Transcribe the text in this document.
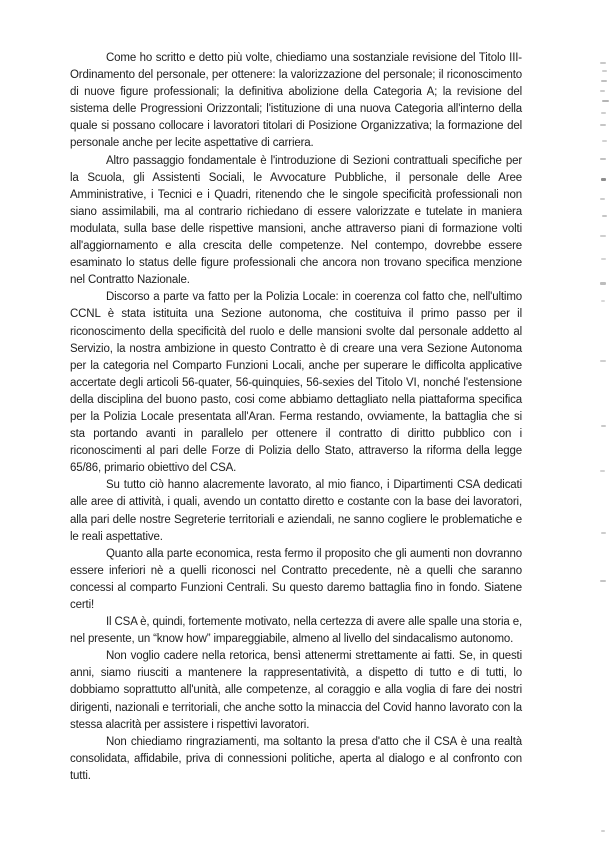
Come ho scritto e detto più volte, chiediamo una sostanziale revisione del Titolo III-Ordinamento del personale, per ottenere: la valorizzazione del personale; il riconoscimento di nuove figure professionali; la definitiva abolizione della Categoria A; la revisione del sistema delle Progressioni Orizzontali; l'istituzione di una nuova Categoria all'interno della quale si possano collocare i lavoratori titolari di Posizione Organizzativa; la formazione del personale anche per lecite aspettative di carriera.

Altro passaggio fondamentale è l'introduzione di Sezioni contrattuali specifiche per la Scuola, gli Assistenti Sociali, le Avvocature Pubbliche, il personale delle Aree Amministrative, i Tecnici e i Quadri, ritenendo che le singole specificità professionali non siano assimilabili, ma al contrario richiedano di essere valorizzate e tutelate in maniera modulata, sulla base delle rispettive mansioni, anche attraverso piani di formazione volti all'aggiornamento e alla crescita delle competenze. Nel contempo, dovrebbe essere esaminato lo status delle figure professionali che ancora non trovano specifica menzione nel Contratto Nazionale.

Discorso a parte va fatto per la Polizia Locale: in coerenza col fatto che, nell'ultimo CCNL è stata istituita una Sezione autonoma, che costituiva il primo passo per il riconoscimento della specificità del ruolo e delle mansioni svolte dal personale addetto al Servizio, la nostra ambizione in questo Contratto è di creare una vera Sezione Autonoma per la categoria nel Comparto Funzioni Locali, anche per superare le difficolta applicative accertate degli articoli 56-quater, 56-quinquies, 56-sexies del Titolo VI, nonché l'estensione della disciplina del buono pasto, cosi come abbiamo dettagliato nella piattaforma specifica per la Polizia Locale presentata all'Aran. Ferma restando, ovviamente, la battaglia che si sta portando avanti in parallelo per ottenere il contratto di diritto pubblico con i riconoscimenti al pari delle Forze di Polizia dello Stato, attraverso la riforma della legge 65/86, primario obiettivo del CSA.

Su tutto ciò hanno alacremente lavorato, al mio fianco, i Dipartimenti CSA dedicati alle aree di attività, i quali, avendo un contatto diretto e costante con la base dei lavoratori, alla pari delle nostre Segreterie territoriali e aziendali, ne sanno cogliere le problematiche e le reali aspettative.

Quanto alla parte economica, resta fermo il proposito che gli aumenti non dovranno essere inferiori nè a quelli riconosci nel Contratto precedente, nè a quelli che saranno concessi al comparto Funzioni Centrali. Su questo daremo battaglia fino in fondo. Siatene certi!

Il CSA è, quindi, fortemente motivato, nella certezza di avere alle spalle una storia e, nel presente, un “know how” impareggiabile, almeno al livello del sindacalismo autonomo.

Non voglio cadere nella retorica, bensì attenermi strettamente ai fatti. Se, in questi anni, siamo riusciti a mantenere la rappresentatività, a dispetto di tutto e di tutti, lo dobbiamo soprattutto all'unità, alle competenze, al coraggio e alla voglia di fare dei nostri dirigenti, nazionali e territoriali, che anche sotto la minaccia del Covid hanno lavorato con la stessa alacrità per assistere i rispettivi lavoratori.

Non chiediamo ringraziamenti, ma soltanto la presa d'atto che il CSA è una realtà consolidata, affidabile, priva di connessioni politiche, aperta al dialogo e al confronto con tutti.
